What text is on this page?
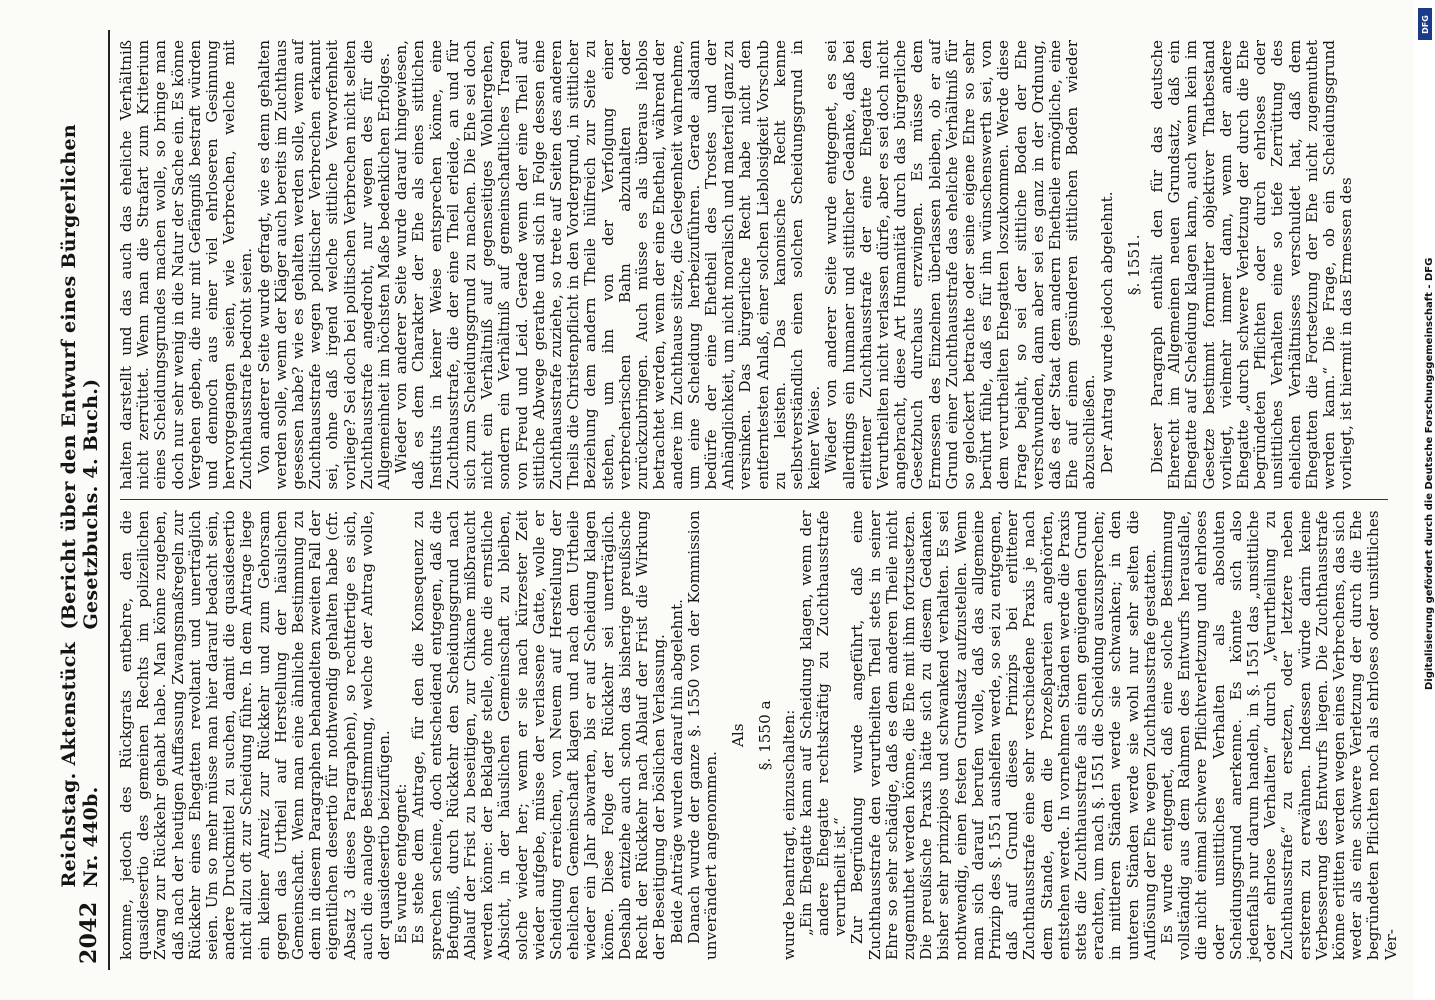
2042
Reichstag. Aktenstück Nr. 440b.
(Bericht über den Entwurf eines Bürgerlichen Gesetzbuchs. 4. Buch.)

komme, jedoch des Rückgrats entbehre, den die quasidesertio des gemeinen Rechts im polizeilichen Zwang zur Rückkehr gehabt habe. Man könne zugeben, daß nach der heutigen Auffassung Zwangsmaßregeln zur Rückkehr eines Ehegatten revoltant und unerträglich seien. Um so mehr müsse man hier darauf bedacht sein, andere Druckmittel zu suchen, damit die quasidesertio nicht allzu oft zur Scheidung führe. In dem Antrage liege ein kleiner Anreiz zur Rückkehr und zum Gehorsam gegen das Urtheil auf Herstellung der häuslichen Gemeinschaft. Wenn man eine ähnliche Bestimmung zu dem in diesem Paragraphen behandelten zweiten Fall der eigentlichen desertio für nothwendig gehalten habe (cfr. Absatz 3 dieses Paragraphen), so rechtfertige es sich, auch die analoge Bestimmung, welche der Antrag wolle, der quasidesertio beizufügen. Es wurde entgegnet: Es stehe dem Antrage, für den die Konsequenz zu sprechen scheine, doch entscheidend entgegen, daß die Befugniß, durch Rückkehr den Scheidungsgrund nach Ablauf der Frist zu beseitigen, zur Chikane mißbraucht werden könne: der Beklagte stelle, ohne die ernstliche Absicht, in der häuslichen Gemeinschaft zu bleiben, solche wieder her; wenn er sie nach kürzester Zeit wieder aufgebe, müsse der verlassene Gatte, wolle er Scheidung erreichen, von Neuem auf Herstellung der ehelichen Gemeinschaft klagen und nach dem Urtheile wieder ein Jahr abwarten, bis er auf Scheidung klagen könne. Diese Folge der Rückkehr sei unerträglich. Deshalb entziehe auch schon das bisherige preußische Recht der Rückkehr nach Ablauf der Frist die Wirkung der Beseitigung der böslichen Verlassung. Beide Anträge wurden darauf hin abgelehnt. Danach wurde der ganze §. 1550 von der Kommission unverändert angenommen.

Als §. 1550 a wurde beantragt, einzuschalten: „Ein Ehegatte kann auf Scheidung klagen, wenn der andere Ehegatte rechtskräftig zu Zuchthausstrafe verurtheilt ist.“ Zur Begründung wurde angeführt, daß eine Zuchthausstrafe den verurtheilten Theil stets in seiner Ehre so sehr schädige, daß es dem anderen Theile nicht zugemuthet werden könne, die Ehe mit ihm fortzusetzen. Die preußische Praxis hätte sich zu diesem Gedanken bisher sehr prinzipios und schwankend verhalten. Es sei nothwendig, einen festen Grundsatz aufzustellen. Wenn man sich darauf berufen wolle, daß das allgemeine Prinzip des §. 1551 aushelfen werde, so sei zu entgegnen, daß auf Grund dieses Prinzips bei erlittener Zuchthausstrafe eine sehr verschiedene Praxis je nach dem Stande, dem die Prozeßparteien angehörten, entstehen werde. In vornehmen Ständen werde die Praxis stets die Zuchthausstrafe als einen genügenden Grund erachten, um nach §. 1551 die Scheidung auszusprechen; in mittleren Ständen werde sie schwanken; in den unteren Ständen werde sie wohl nur sehr selten die Auflösung der Ehe wegen Zuchthausstrafe gestatten. Es wurde entgegnet, daß eine solche Bestimmung vollständig aus dem Rahmen des Entwurfs herausfalle, die nicht einmal schwere Pflichtverletzung und ehrloses oder unsittliches Verhalten als absoluten Scheidungsgrund anerkenne. Es könnte sich also jedenfalls nur darum handeln, in §. 1551 das „unsittliche oder ehrlose Verhalten“ durch „Verurtheilung zu Zuchthausstrafe“ zu ersetzen, oder letztere neben ersterem zu erwähnen. Indessen würde darin keine Verbesserung des Entwurfs liegen. Die Zuchthausstrafe könne erlitten werden wegen eines Verbrechens, das sich weder als eine schwere Verletzung der durch die Ehe begründeten Pflichten noch als ehrloses oder unsittliches Ver-

halten darstellt und das auch das eheliche Verhältniß nicht zerrüttet. Wenn man die Strafart zum Kriterium eines Scheidungsgrundes machen wolle, so bringe man doch nur sehr wenig in die Natur der Sache ein. Es könne Vergehen geben, die nur mit Gefängniß bestraft würden und dennoch aus einer viel ehrloseren Gesinnung hervorgegangen seien, wie Verbrechen, welche mit Zuchthausstrafe bedroht seien. Von anderer Seite wurde gefragt, wie es denn gehalten werden solle, wenn der Kläger auch bereits im Zuchthaus gesessen habe? wie es gehalten werden solle, wenn auf Zuchthausstrafe wegen politischer Verbrechen erkannt sei, ohne daß irgend welche sittliche Verworfenheit vorliege? Sei doch bei politischen Verbrechen nicht selten Zuchthausstrafe angedroht, nur wegen des für die Allgemeinheit im höchsten Maße bedenklichen Erfolges. Wieder von anderer Seite wurde darauf hingewiesen, daß es dem Charakter der Ehe als eines sittlichen Instituts in keiner Weise entsprechen könne, eine Zuchthausstrafe, die der eine Theil erleide, an und für sich zum Scheidungsgrund zu machen. Die Ehe sei doch nicht ein Verhältniß auf gegenseitiges Wohlergehen, sondern ein Verhältniß auf gemeinschaftliches Tragen von Freud und Leid. Gerade wenn der eine Theil auf sittliche Abwege gerathe und sich in Folge dessen eine Zuchthausstrafe zuziehe, so trete auf Seiten des anderen Theils die Christenpflicht in den Vordergrund, in sittlicher Beziehung dem andern Theile hülfreich zur Seite zu stehen, um ihn von der Verfolgung einer verbrecherischen Bahn abzuhalten oder zurückzubringen. Auch müsse es als überaus lieblos betrachtet werden, wenn der eine Ehetheil, während der andere im Zuchthause sitze, die Gelegenheit wahrnehme, um eine Scheidung herbeizuführen. Gerade alsdann bedürfe der eine Ehetheil des Trostes und der Anhänglichkeit, um nicht moralisch und materiell ganz zu versinken. Das bürgerliche Recht habe nicht den entferntesten Anlaß, einer solchen Lieblosigkeit Vorschub zu leisten. Das kanonische Recht kenne selbstverständlich einen solchen Scheidungsgrund in keiner Weise. Wieder von anderer Seite wurde entgegnet, es sei allerdings ein humaner und sittlicher Gedanke, daß bei erlittener Zuchthausstrafe der eine Ehegatte den Verurtheilten nicht verlassen dürfe, aber es sei doch nicht angebracht, diese Art Humanität durch das bürgerliche Gesetzbuch durchaus erzwingen. Es müsse dem Ermessen des Einzelnen überlassen bleiben, ob er auf Grund einer Zuchthausstrafe das eheliche Verhältniß für so gelockert betrachte oder seine eigene Ehre so sehr berührt fühle, daß es für ihn wünschenswerth sei, von dem verurtheilten Ehegatten loszukommen. Werde diese Frage bejaht, so sei der sittliche Boden der Ehe verschwunden, dann aber sei es ganz in der Ordnung, daß es der Staat dem andern Ehetheile ermögliche, eine Ehe auf einem gesünderen sittlichen Boden wieder abzuschließen. Der Antrag wurde jedoch abgelehnt. §. 1551. Dieser Paragraph enthält den für das deutsche Eherecht im Allgemeinen neuen Grundsatz, daß ein Ehegatte auf Scheidung klagen kann, auch wenn kein im Gesetze bestimmt formulirter objektiver Thatbestand vorliegt, vielmehr immer dann, wenn der andere Ehegatte „durch schwere Verletzung der durch die Ehe begründeten Pflichten oder durch ehrloses oder unsittliches Verhalten eine so tiefe Zerrüttung des ehelichen Verhältnisses verschuldet hat, daß dem Ehegatten die Fortsetzung der Ehe nicht zugemuthet werden kann.“ Die Frage, ob ein Scheidungsgrund vorliegt, ist hiermit in das Ermessen des

DFG
Digitalisierung gefördert durch die Deutsche Forschungsgemeinschaft - DFG
